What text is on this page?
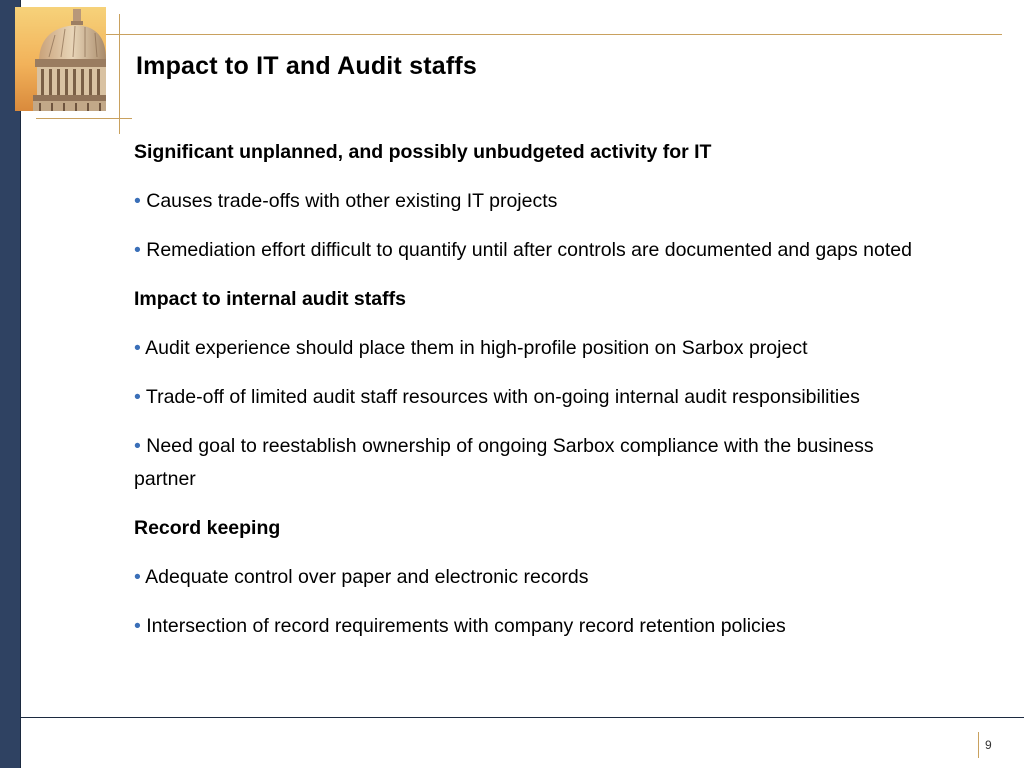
Impact to IT and Audit staffs

Significant unplanned, and possibly unbudgeted activity for IT

• Causes trade-offs with other existing IT projects

• Remediation effort difficult to quantify until after controls are documented and gaps noted

Impact to internal audit staffs

• Audit experience should place them in high-profile position on Sarbox project

• Trade-off of limited audit staff resources with on-going internal audit responsibilities

• Need goal to reestablish ownership of ongoing Sarbox compliance with the business partner

Record keeping

• Adequate control over paper and electronic records

• Intersection of record requirements with company record retention policies

9
